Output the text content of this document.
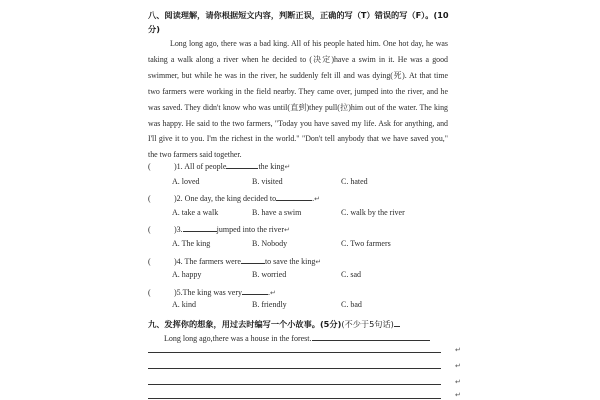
八、阅读理解，请你根据短文内容，判断正误，正确的写（T）错误的写（F）。(10分)

Long long ago, there was a bad king. All of his people hated him. One hot day, he was taking a walk along a river when he decided to (决定)have a swim in it. He was a good swimmer, but while he was in the river, he suddenly felt ill and was dying(死). At that time two farmers were working in the field nearby. They came over, jumped into the river, and he was saved. They didn't know who was until(直到)they pull(拉)him out of the water. The king was happy. He said to the two farmers, "Today you have saved my life. Ask for anything, and I'll give it to you. I'm the richest in the world." "Don't tell anybody that we have saved you," the two farmers said together.

(	)1. All of people	the king↵
A. loved	B. visited	C. hated
(	)2. One day, the king decided to	.↵
A. take a walk	B. have a swim	C. walk by the river
(	)3.	jumped into the river↵
A. The king	B. Nobody	C. Two farmers
(	)4. The farmers were	to save the king↵
A. happy	B. worried	C. sad
(	)5.The king was very	.↵
A. kind	B. friendly	C. bad
九、发挥你的想象，用过去时编写一个小故事。(5分)(不少于5句话)
Long long ago,there was a house in the forest.
↵
↵
↵
↵
